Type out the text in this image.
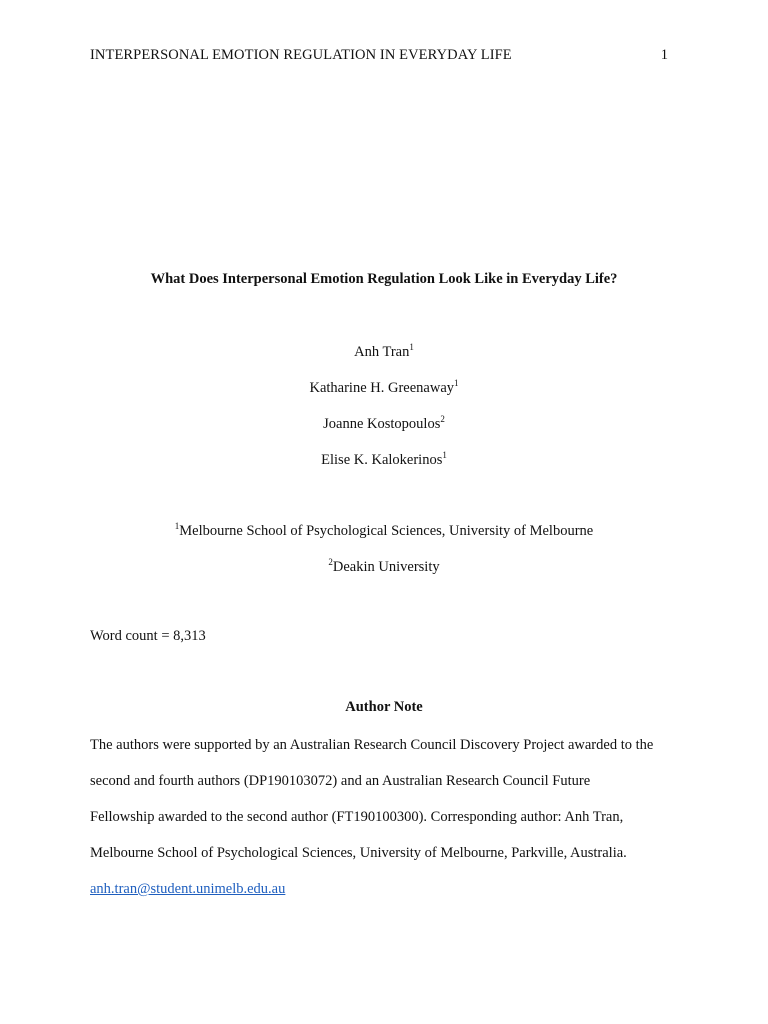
INTERPERSONAL EMOTION REGULATION IN EVERYDAY LIFE	1
What Does Interpersonal Emotion Regulation Look Like in Everyday Life?
Anh Tran$^1$
Katharine H. Greenaway$^1$
Joanne Kostopoulos$^2$
Elise K. Kalokerinos$^1$
$^1$Melbourne School of Psychological Sciences, University of Melbourne
$^2$Deakin University
Word count = 8,313
Author Note
The authors were supported by an Australian Research Council Discovery Project awarded to the
second and fourth authors (DP190103072) and an Australian Research Council Future
Fellowship awarded to the second author (FT190100300). Corresponding author: Anh Tran,
Melbourne School of Psychological Sciences, University of Melbourne, Parkville, Australia.
anh.tran@student.unimelb.edu.au
